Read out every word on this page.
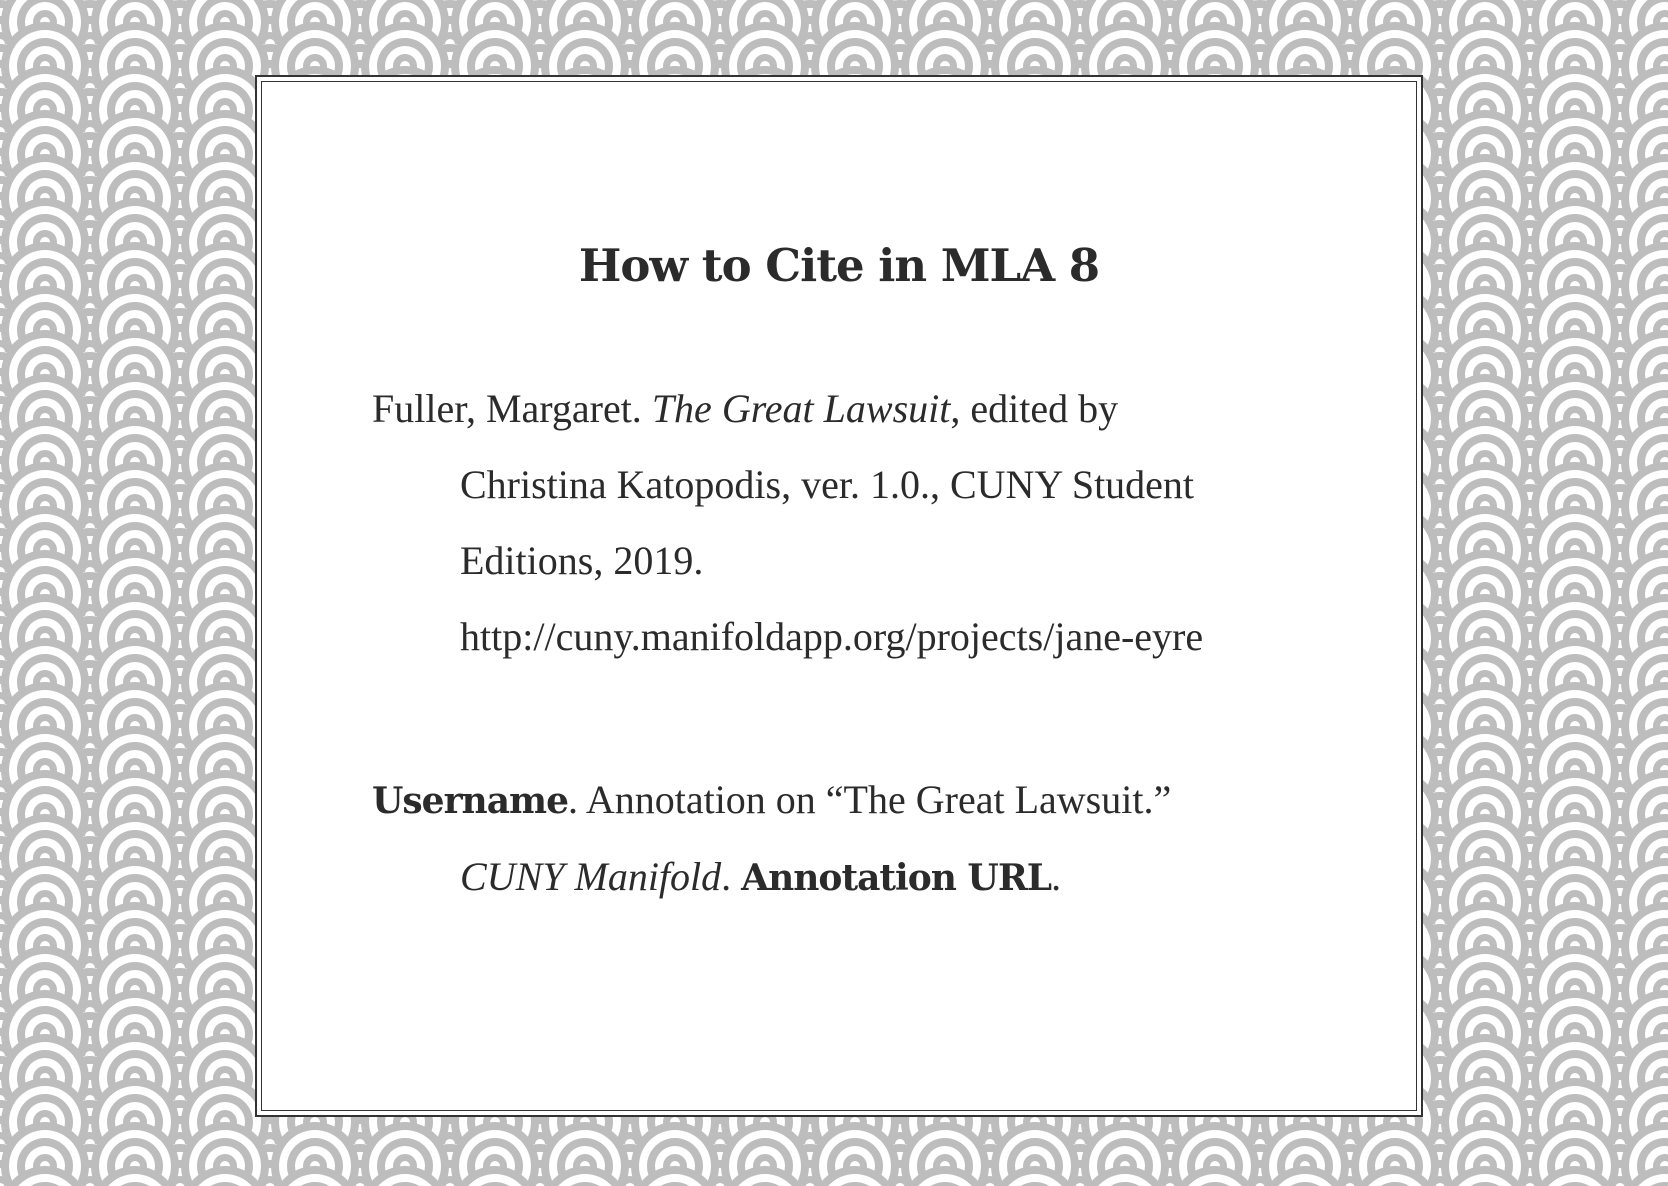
How to Cite in MLA 8

Fuller, Margaret. The Great Lawsuit, edited by
Christina Katopodis, ver. 1.0., CUNY Student
Editions, 2019.
http://cuny.manifoldapp.org/projects/jane-eyre

Username. Annotation on “The Great Lawsuit.”
CUNY Manifold. Annotation URL.
